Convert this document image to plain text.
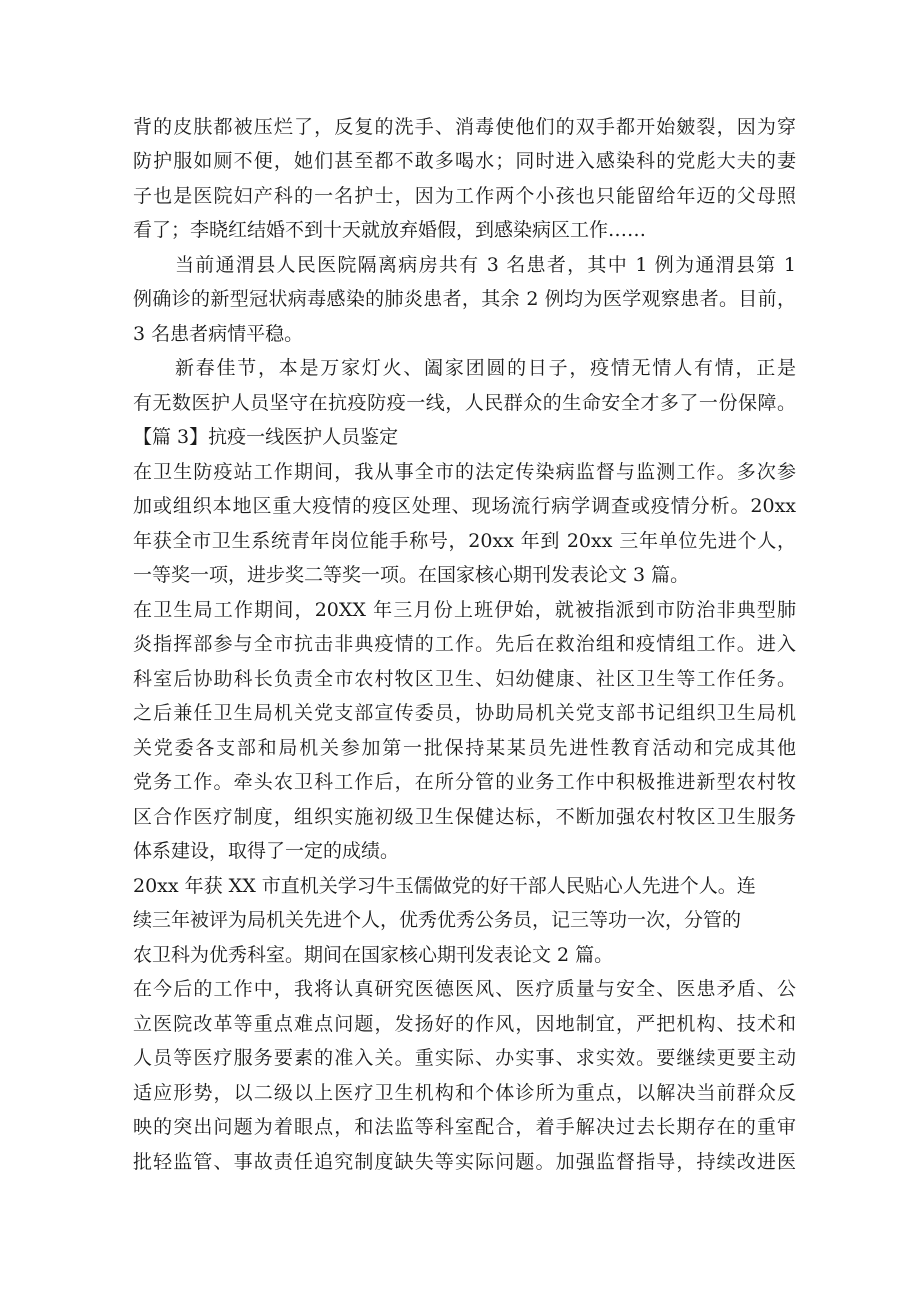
背的皮肤都被压烂了，反复的洗手、消毒使他们的双手都开始皴裂，因为穿

防护服如厕不便，她们甚至都不敢多喝水；同时进入感染科的党彪大夫的妻

子也是医院妇产科的一名护士，因为工作两个小孩也只能留给年迈的父母照

看了；李晓红结婚不到十天就放弃婚假，到感染病区工作……

当前通渭县人民医院隔离病房共有 3 名患者，其中 1 例为通渭县第 1

例确诊的新型冠状病毒感染的肺炎患者，其余 2 例均为医学观察患者。目前，

3 名患者病情平稳。

新春佳节，本是万家灯火、阖家团圆的日子，疫情无情人有情，正是

有无数医护人员坚守在抗疫防疫一线，人民群众的生命安全才多了一份保障。

【篇 3】抗疫一线医护人员鉴定

在卫生防疫站工作期间，我从事全市的法定传染病监督与监测工作。多次参

加或组织本地区重大疫情的疫区处理、现场流行病学调查或疫情分析。20xx

年获全市卫生系统青年岗位能手称号，20xx 年到 20xx 三年单位先进个人，

一等奖一项，进步奖二等奖一项。在国家核心期刊发表论文 3 篇。

在卫生局工作期间，20XX 年三月份上班伊始，就被指派到市防治非典型肺

炎指挥部参与全市抗击非典疫情的工作。先后在救治组和疫情组工作。进入

科室后协助科长负责全市农村牧区卫生、妇幼健康、社区卫生等工作任务。

之后兼任卫生局机关党支部宣传委员，协助局机关党支部书记组织卫生局机

关党委各支部和局机关参加第一批保持某某员先进性教育活动和完成其他

党务工作。牵头农卫科工作后，在所分管的业务工作中积极推进新型农村牧

区合作医疗制度，组织实施初级卫生保健达标，不断加强农村牧区卫生服务

体系建设，取得了一定的成绩。

20xx 年获 XX 市直机关学习牛玉儒做党的好干部人民贴心人先进个人。连

续三年被评为局机关先进个人，优秀优秀公务员，记三等功一次，分管的

农卫科为优秀科室。期间在国家核心期刊发表论文 2 篇。

在今后的工作中，我将认真研究医德医风、医疗质量与安全、医患矛盾、公

立医院改革等重点难点问题，发扬好的作风，因地制宜，严把机构、技术和

人员等医疗服务要素的准入关。重实际、办实事、求实效。要继续更要主动

适应形势，以二级以上医疗卫生机构和个体诊所为重点，以解决当前群众反

映的突出问题为着眼点，和法监等科室配合，着手解决过去长期存在的重审

批轻监管、事故责任追究制度缺失等实际问题。加强监督指导，持续改进医
